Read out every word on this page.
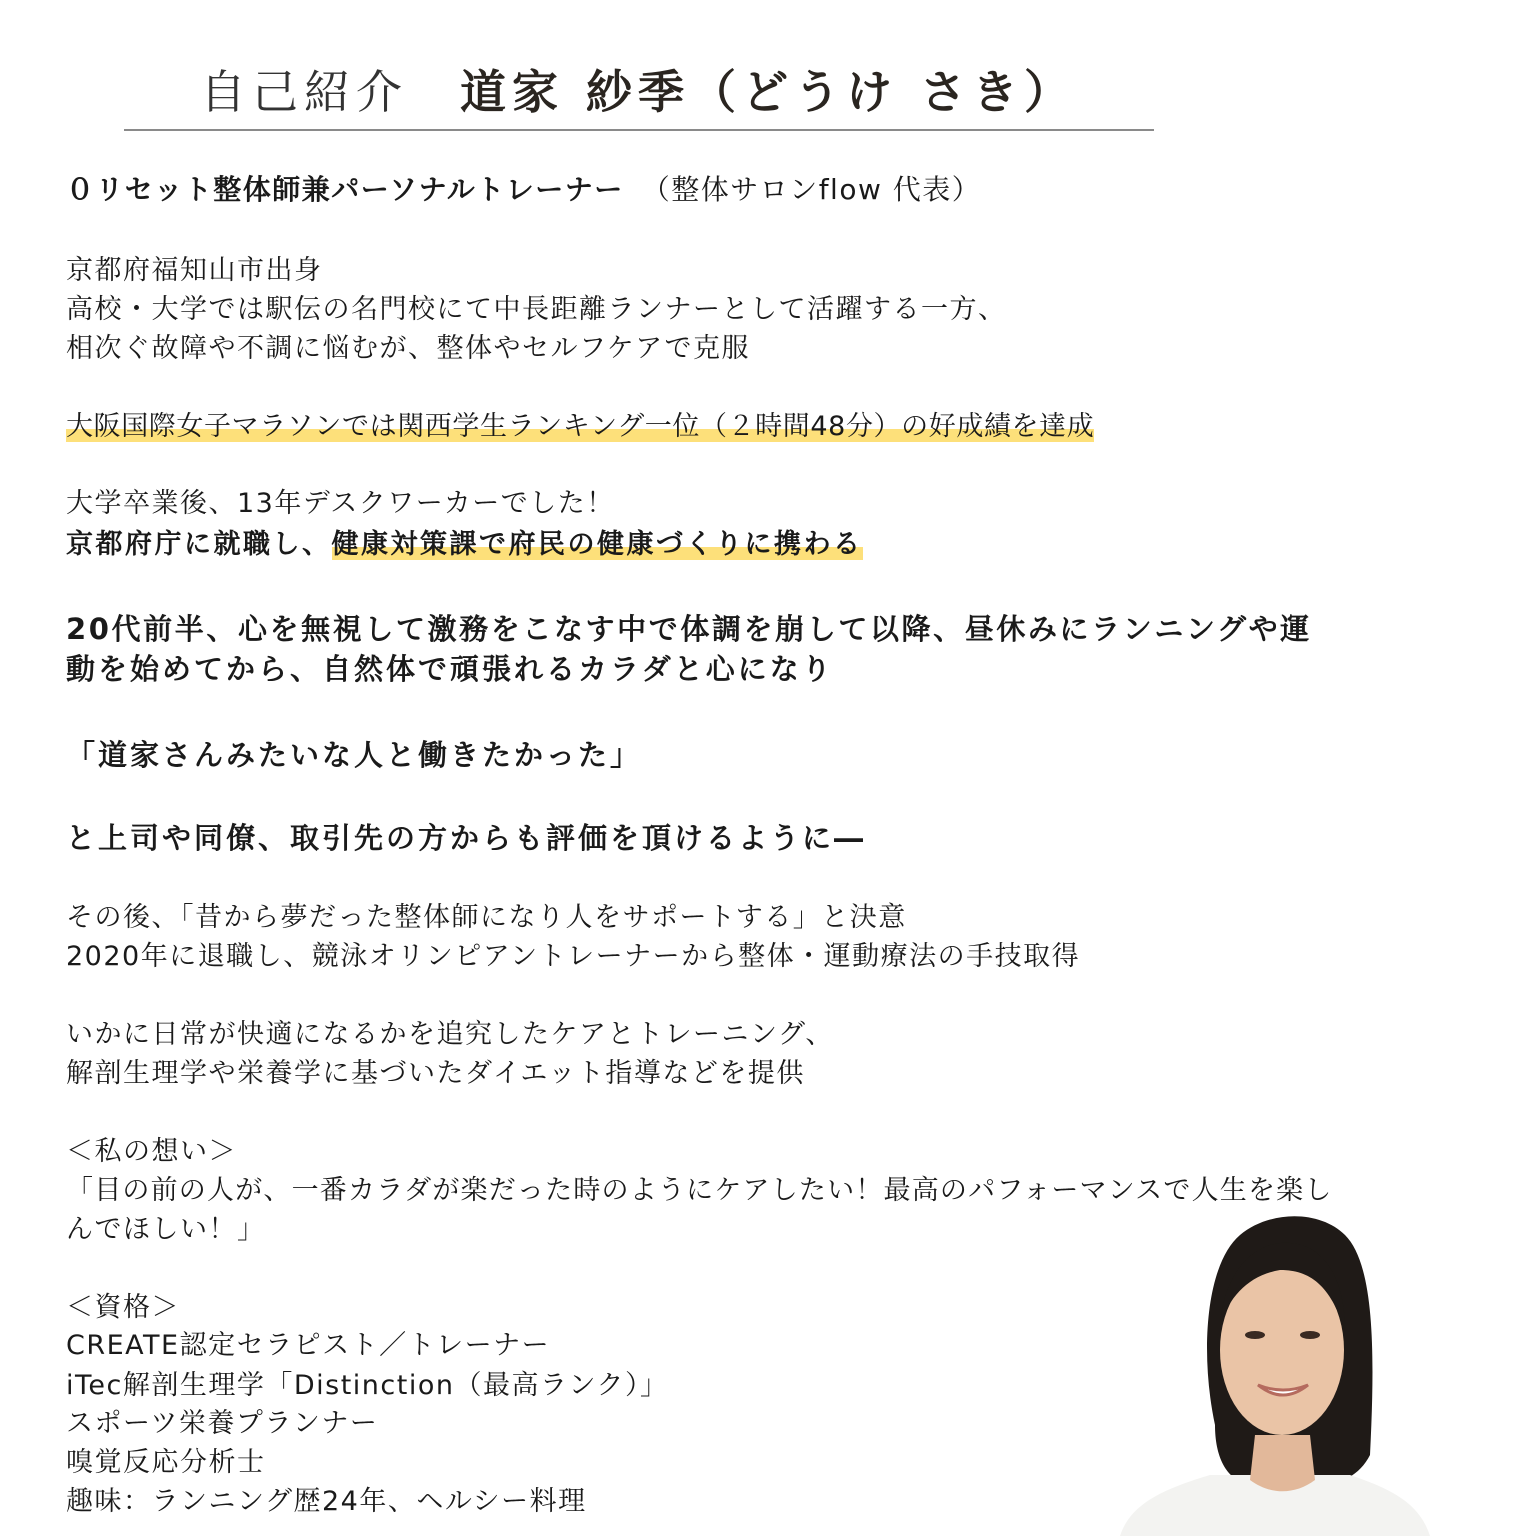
自己紹介 道家 紗季（どうけ さき）
０リセット整体師兼パーソナルトレーナー （整体サロンflow 代表）
京都府福知山市出身
高校・大学では駅伝の名門校にて中長距離ランナーとして活躍する一方、
相次ぐ故障や不調に悩むが、整体やセルフケアで克服
大阪国際女子マラソンでは関西学生ランキング一位（２時間48分）の好成績を達成
大学卒業後、13年デスクワーカーでした！
京都府庁に就職し、健康対策課で府民の健康づくりに携わる
20代前半、心を無視して激務をこなす中で体調を崩して以降、昼休みにランニングや運
動を始めてから、自然体で頑張れるカラダと心になり
「道家さんみたいな人と働きたかった」
と上司や同僚、取引先の方からも評価を頂けるように―
その後、「昔から夢だった整体師になり人をサポートする」と決意
2020年に退職し、競泳オリンピアントレーナーから整体・運動療法の手技取得
いかに日常が快適になるかを追究したケアとトレーニング、
解剖生理学や栄養学に基づいたダイエット指導などを提供
＜私の想い＞
「目の前の人が、一番カラダが楽だった時のようにケアしたい！最高のパフォーマンスで人生を楽し
んでほしい！」
＜資格＞
CREATE認定セラピスト／トレーナー
iTec解剖生理学「Distinction（最高ランク）」
スポーツ栄養プランナー
嗅覚反応分析士
趣味：ランニング歴24年、ヘルシー料理
